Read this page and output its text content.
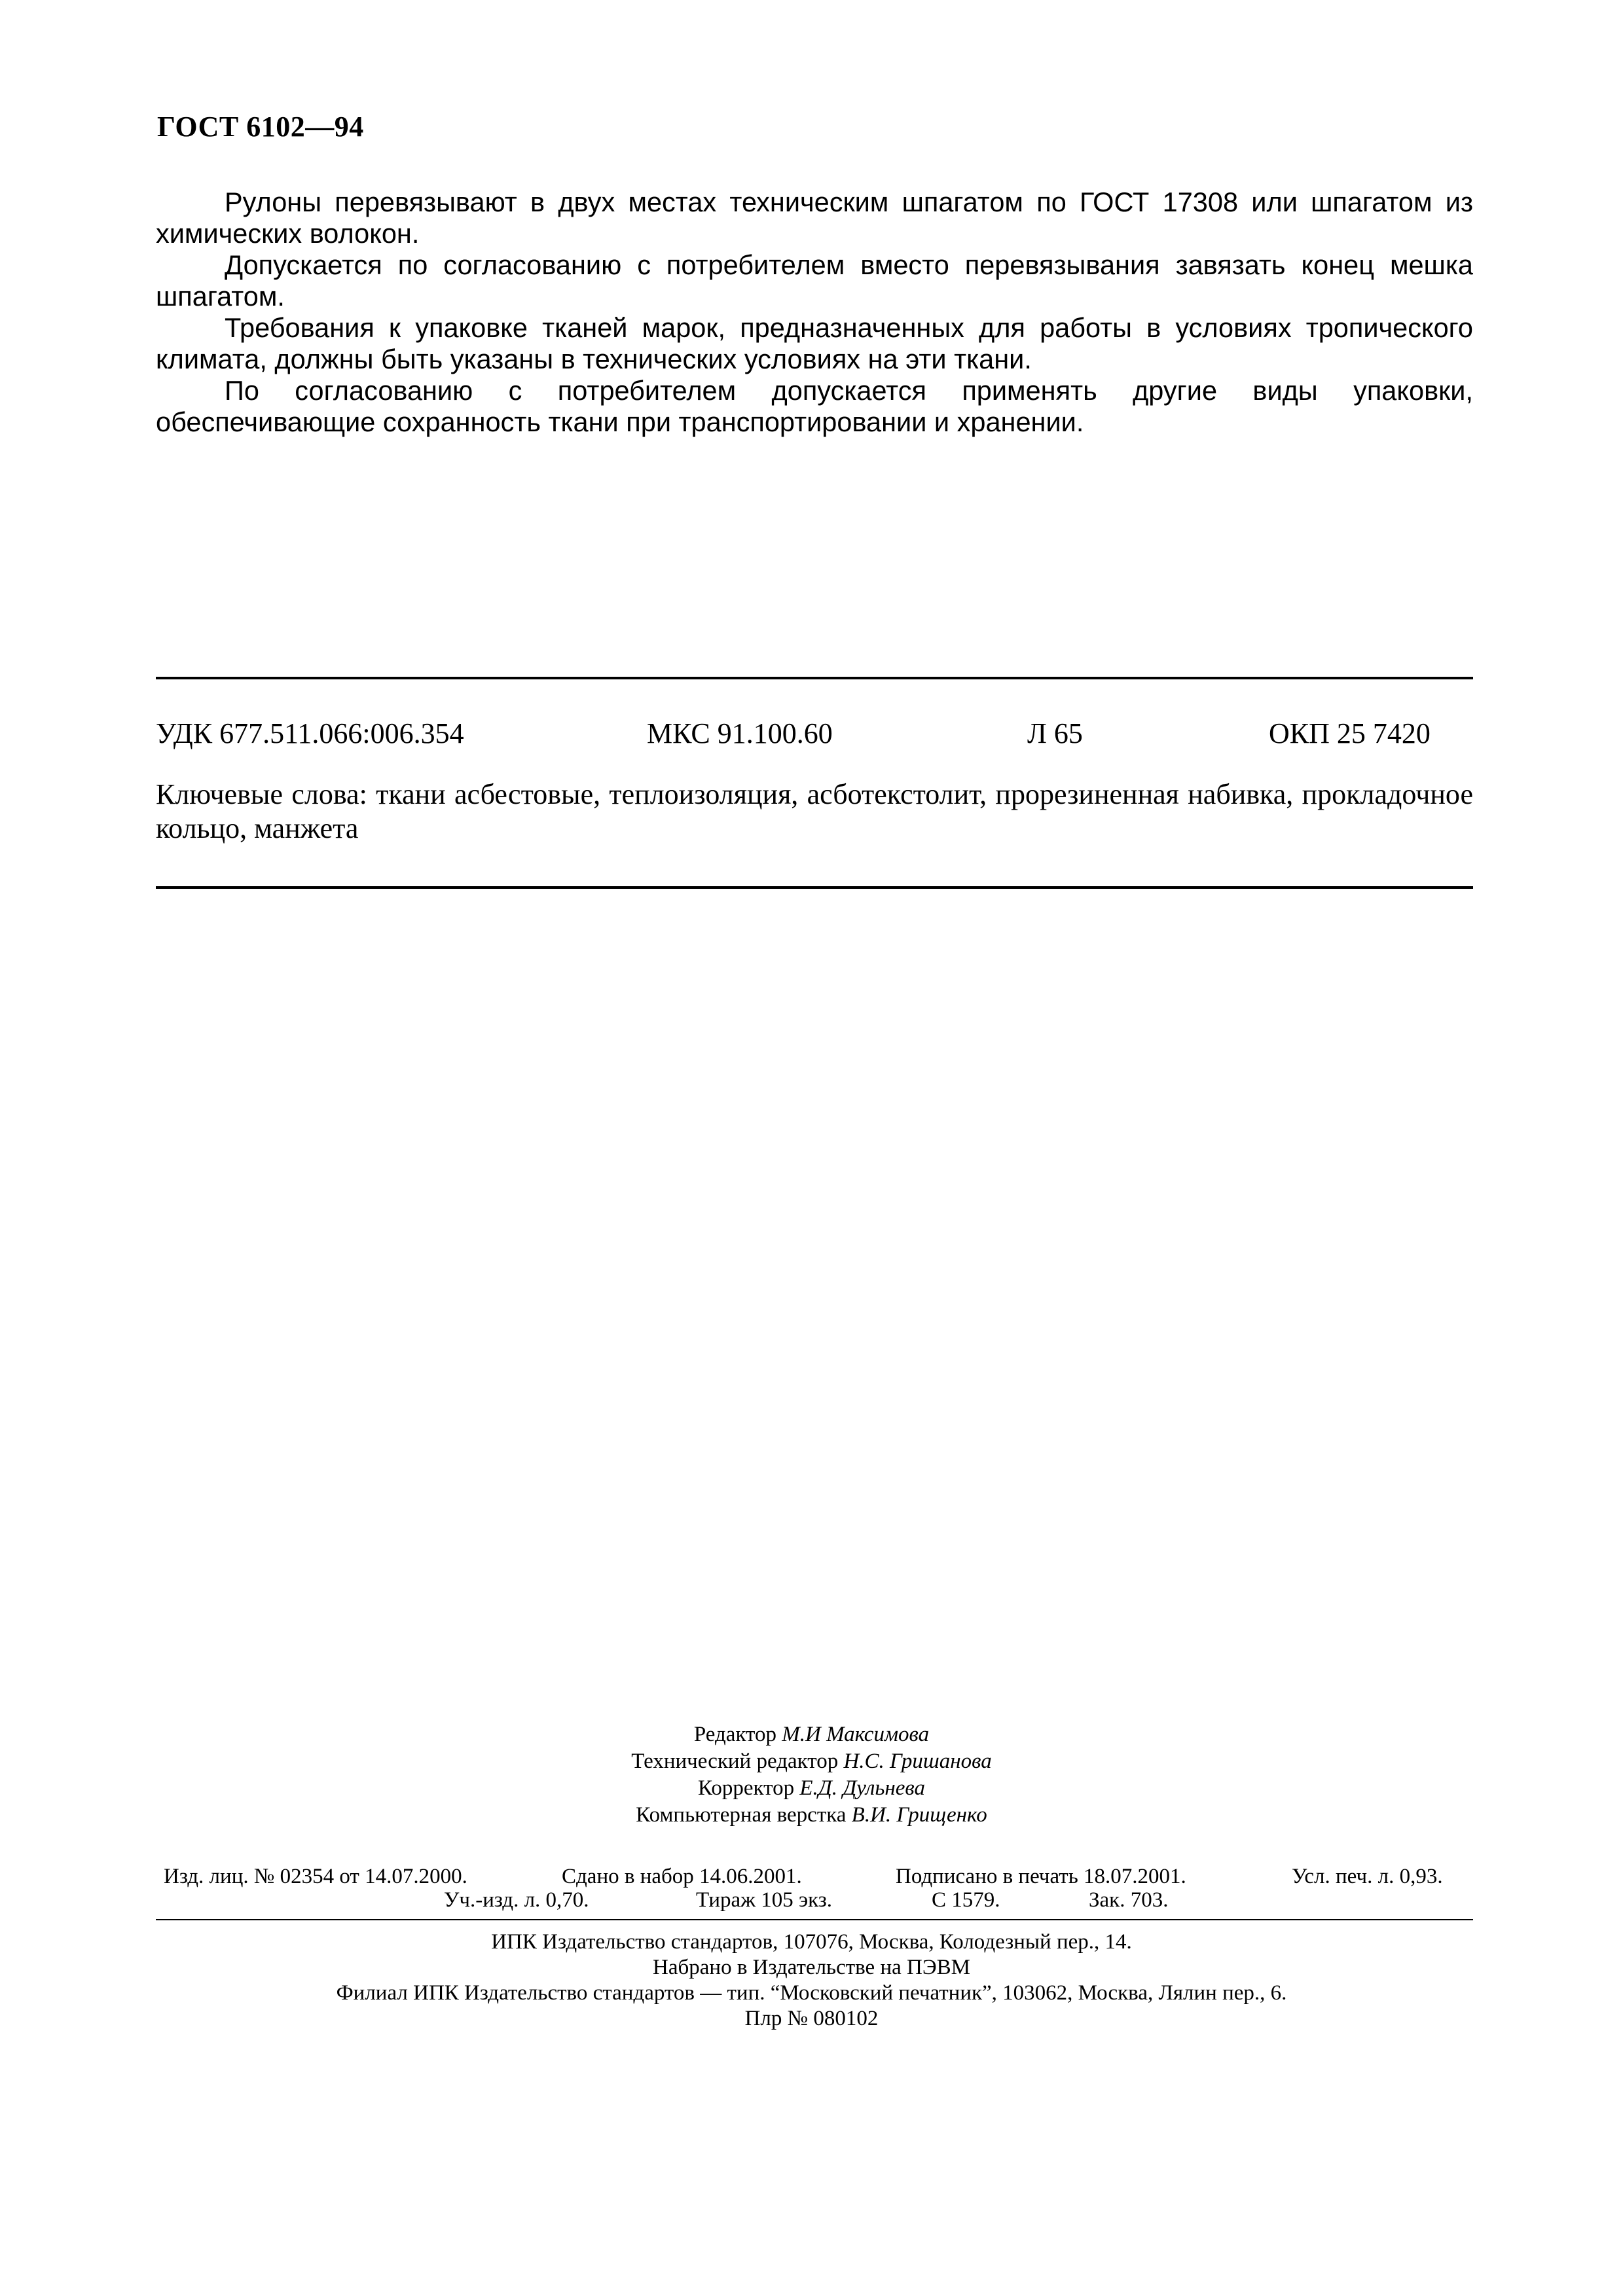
ГОСТ 6102—94

Рулоны перевязывают в двух местах техническим шпагатом по ГОСТ 17308 или шпагатом из химических волокон.

Допускается по согласованию с потребителем вместо перевязывания завязать конец мешка шпагатом.

Требования к упаковке тканей марок, предназначенных для работы в условиях тропического климата, должны быть указаны в технических условиях на эти ткани.

По согласованию с потребителем допускается применять другие виды упаковки, обеспечивающие сохранность ткани при транспортировании и хранении.

УДК 677.511.066:006.354	МКС 91.100.60	Л 65	ОКП 25 7420
Ключевые слова: ткани асбестовые, теплоизоляция, асботекстолит, прорезиненная набивка, прокладочное кольцо, манжета
Редактор М.И Максимова
Технический редактор Н.С. Гришанова
Корректор Е.Д. Дульнева
Компьютерная верстка В.И. Грищенко
Изд. лиц. № 02354 от 14.07.2000.	Сдано в набор 14.06.2001.	Подписано в печать 18.07.2001.	Усл. печ. л. 0,93.
Уч.-изд. л. 0,70.	Тираж 105 экз.	С 1579.	Зак. 703.
ИПК Издательство стандартов, 107076, Москва, Колодезный пер., 14.
Набрано в Издательстве на ПЭВМ
Филиал ИПК Издательство стандартов — тип. “Московский печатник”, 103062, Москва, Лялин пер., 6.
Плр № 080102
